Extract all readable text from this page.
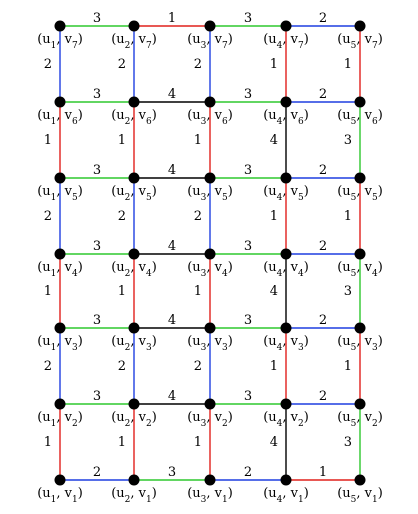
3	1	3	2
2	2	2	1	1
3	4	3	2
1	1	1	4	3
3	4	3	2
2	2	2	1	1
3	4	3	2
1	1	1	4	3
3	4	3	2
2	2	2	1	1
3	4	3	2
1	1	1	4	3
2	3	2	1
($u_1$, $v_7$) ($u_2$, $v_7$) ($u_3$, $v_7$) ($u_4$, $v_7$) ($u_5$, $v_7$)
($u_1$, $v_6$) ($u_2$, $v_6$) ($u_3$, $v_6$) ($u_4$, $v_6$) ($u_5$, $v_6$)
($u_1$, $v_5$) ($u_2$, $v_5$) ($u_3$, $v_5$) ($u_4$, $v_5$) ($u_5$, $v_5$)
($u_1$, $v_4$) ($u_2$, $v_4$) ($u_3$, $v_4$) ($u_4$, $v_4$) ($u_5$, $v_4$)
($u_1$, $v_3$) ($u_2$, $v_3$) ($u_3$, $v_3$) ($u_4$, $v_3$) ($u_5$, $v_3$)
($u_1$, $v_2$) ($u_2$, $v_2$) ($u_3$, $v_2$) ($u_4$, $v_2$) ($u_5$, $v_2$)
($u_1$, $v_1$) ($u_2$, $v_1$) ($u_3$, $v_1$) ($u_4$, $v_1$) ($u_5$, $v_1$)
